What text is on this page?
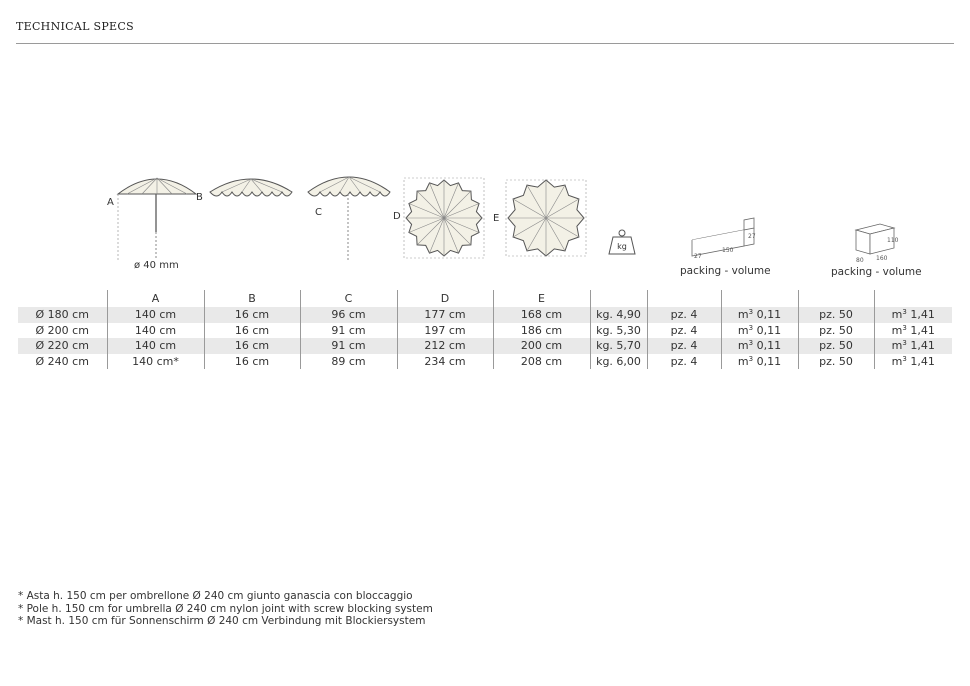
TECHNICAL SPECS
A
ø 40 mm
B
C	D	E
kg
27
150
27
packing - volume
110
80 160
packing - volume
	A	B	C	D	E					
Ø 180 cm	140 cm	16 cm	96 cm	177 cm	168 cm	kg. 4,90	pz. 4	$m^3$ 0,11	pz. 50	$m^3$ 1,41
Ø 200 cm	140 cm	16 cm	91 cm	197 cm	186 cm	kg. 5,30	pz. 4	$m^3$ 0,11	pz. 50	$m^3$ 1,41
Ø 220 cm	140 cm	16 cm	91 cm	212 cm	200 cm	kg. 5,70	pz. 4	$m^3$ 0,11	pz. 50	$m^3$ 1,41
Ø 240 cm	140 cm*	16 cm	89 cm	234 cm	208 cm	kg. 6,00	pz. 4	$m^3$ 0,11	pz. 50	$m^3$ 1,41
* Asta h. 150 cm per ombrellone Ø 240 cm giunto ganascia con bloccaggio
* Pole h. 150 cm for umbrella Ø 240 cm nylon joint with screw blocking system
* Mast h. 150 cm für Sonnenschirm Ø 240 cm Verbindung mit Blockiersystem
